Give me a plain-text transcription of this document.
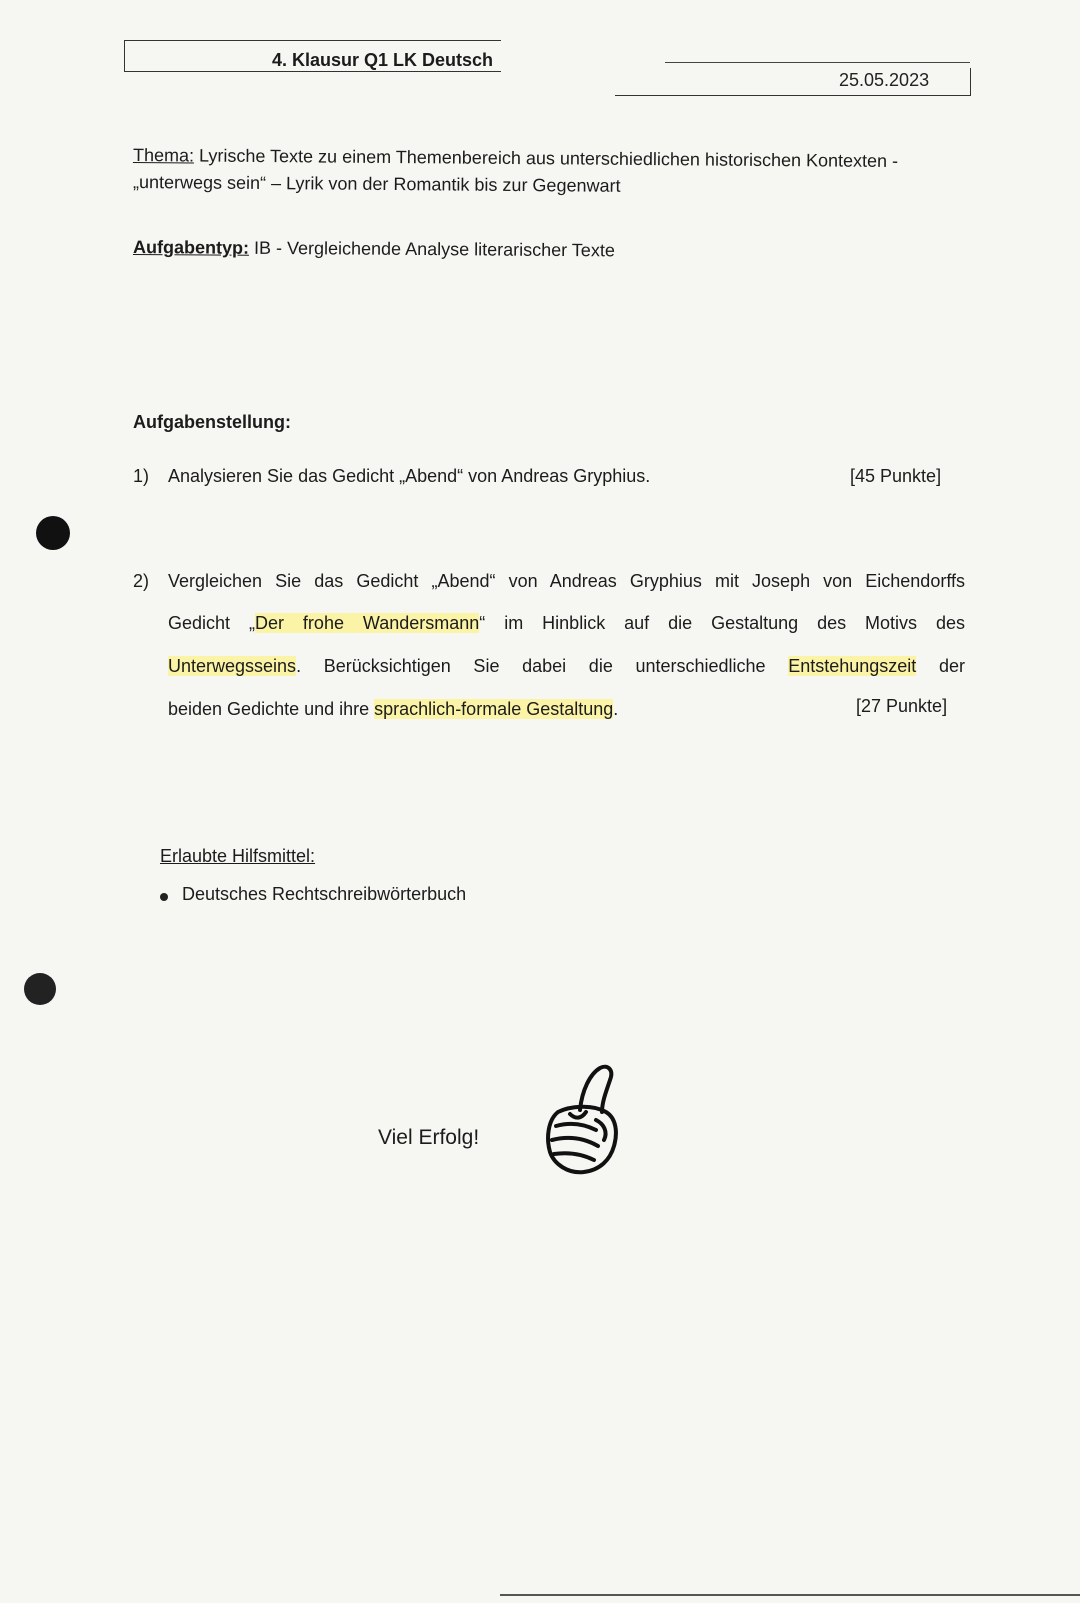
4. Klausur Q1 LK Deutsch
25.05.2023
Thema: Lyrische Texte zu einem Themenbereich aus unterschiedlichen historischen Kontexten -
„unterwegs sein“ – Lyrik von der Romantik bis zur Gegenwart
Aufgabentyp: IB - Vergleichende Analyse literarischer Texte
Aufgabenstellung:
1) Analysieren Sie das Gedicht „Abend“ von Andreas Gryphius.	[45 Punkte]
2) Vergleichen Sie das Gedicht „Abend“ von Andreas Gryphius mit Joseph von Eichendorffs
Gedicht „Der frohe Wandersmann“ im Hinblick auf die Gestaltung des Motivs des
Unterwegsseins. Berücksichtigen Sie dabei die unterschiedliche Entstehungszeit der
beiden Gedichte und ihre sprachlich-formale Gestaltung.	[27 Punkte]
Erlaubte Hilfsmittel:
Deutsches Rechtschreibwörterbuch
Viel Erfolg!
